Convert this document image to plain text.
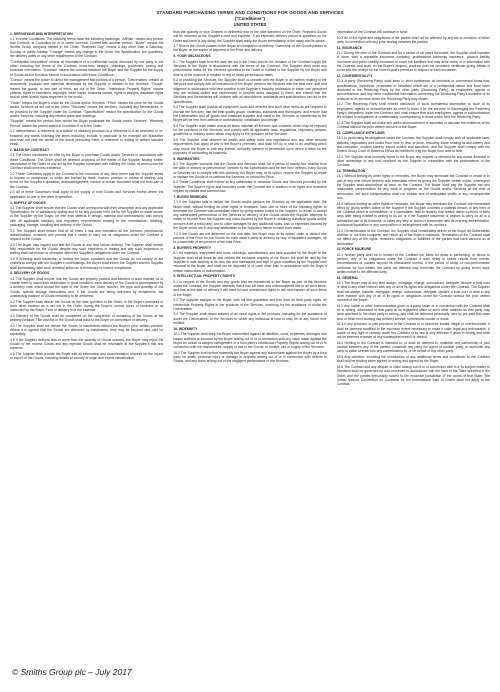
STANDARD PURCHASING TERMS AND CONDITIONS FOR GOODS AND SERVICES
("Conditions")
UNITED STATES

1. DEFINITIONS AND INTERPRETATION

1.1 In these Conditions: The following terms have the following meanings: "Affiliate" means any person that Controls, is Controlled by or is under common Control with another person. "Buyer" means the Smiths Group company named in the Order. "Business Day" means a day other than a Saturday, Sunday or public holiday. "Change" means any change to the Order, the Specification, the quantities, the delivery dates or any other requirement of the Contract.

"Confidential Information" means all information of a confidential nature disclosed by one party to the other, including the terms of the Contract, know-how, designs, drawings, processes, pricing and business information. "Contract" means the contract between the Buyer and the Supplier for the supply of Goods and/or Services formed in accordance with these Conditions.

"Control" means the power to direct the management and policies of a person. "Deliverables" means all documents, products and materials developed by the Supplier in relation to the Services. "Goods" means the goods, or any part of them, set out in the Order. "Intellectual Property Rights" means patents, rights to inventions, copyright, trade marks, business names, rights in designs, database rights and all other similar rights anywhere in the world.

"Order" means the Buyer's order for the Goods and/or Services. "Price" means the price for the Goods and/or Services as set out in the Order. "Services" means the services, including any Deliverables, to be provided by the Supplier under the Contract. "Specification" means the specification for the Goods and/or Services, including any related plans and drawings.

"Supplier" means the person from whom the Buyer purchases the Goods and/or Services. "Warranty Period" means the period stated in Condition 6 or in the Order.

1.2 Interpretation: a reference to a statute or statutory provision is a reference to it as amended or re-enacted; any words following the terms including, include, in particular or for example are illustrative and shall not limit the sense of the words preceding them; a reference to writing or written includes email.

2. BASIS OF CONTRACT

2.1 The Order constitutes an offer by the Buyer to purchase Goods and/or Services in accordance with these Conditions. The Order shall be deemed accepted on the earlier of the Supplier issuing written acceptance of the Order or any act by the Supplier consistent with fulfilling the Order, at which point the Contract shall come into existence.

2.2 These Conditions apply to the Contract to the exclusion of any other terms that the Supplier seeks to impose or incorporate, or which are implied by trade, custom, practice or course of dealing. Any terms on the Supplier's quotation, acknowledgement, invoice or similar document shall not form part of the Contract.

2.3 All of these Conditions shall apply to the supply of both Goods and Services except where the application to one or the other is specified.

3. SUPPLY OF GOODS

3.1 The Supplier shall ensure that the Goods shall correspond with their description and any applicable Specification; be of satisfactory quality and fit for any purpose held out by the Supplier or made known to the Supplier by the Buyer; be free from defects in design, material and workmanship; and comply with all applicable statutory and regulatory requirements relating to the manufacture, labelling, packaging, storage, handling and delivery of the Goods.

3.2 The Supplier shall ensure that at all times it has and maintains all the licences, permissions, authorisations, consents and permits that it needs to carry out its obligations under the Contract in respect of the Goods.

3.3 The Buyer may inspect and test the Goods at any time before delivery. The Supplier shall remain fully responsible for the Goods despite any such inspection or testing and any such inspection or testing shall not reduce or otherwise affect the Supplier's obligations under the Contract.

3.4 If following such inspection or testing the Buyer considers that the Goods do not comply or are unlikely to comply with the Supplier's undertakings, the Buyer shall inform the Supplier and the Supplier shall immediately take such remedial action as is necessary to ensure compliance.

4. DELIVERY OF GOODS

4.1 The Supplier shall ensure that the Goods are properly packed and secured in such manner as to enable them to reach their destination in good condition; each delivery of the Goods is accompanied by a delivery note which shows the date of the Order, the Order number, the type and quantity of the Goods, special storage instructions and, if the Goods are being delivered by instalments, the outstanding balance of Goods remaining to be delivered.

4.2 The Supplier shall deliver the Goods on the date specified in the Order, to the Buyer's premises or such other location as is set out in the Order, during the Buyer's normal hours of business or as instructed by the Buyer. Time of delivery is of the essence.

4.3 Delivery of the Goods shall be completed on the completion of unloading of the Goods at the delivery location. Title and risk in the Goods shall pass to the Buyer on completion of delivery.

4.4 The Supplier shall not deliver the Goods in instalments without the Buyer's prior written consent. Where it is agreed that the Goods are delivered by instalments, they may be invoiced and paid for separately.

4.5 If the Supplier delivers less or more than the quantity of Goods ordered, the Buyer may reject the Goods or the excess Goods and any rejected Goods shall be returnable at the Supplier's risk and expense.

4.6 The Supplier shall provide the Buyer with all information and documentation required for the import or export of the Goods, including details of country of origin and export classification.

than the quantity or type Ordered or delivered prior to the date specified on the Order. Rejected Goods will be returned at the Supplier's cost and expense. If an expected delivery period is specified on the Order and there is any delay, the Supplier shall notify the Buyer immediately of the delay and its cause.

4.7 Risk in the Goods passes to the Buyer on completion of delivery. Ownership of the Goods passes to the Buyer on the earlier of payment of the Price and delivery.

5. YOUR OBLIGATIONS

5.1 The Supplier shall from the date set out in the Order and for the duration of the Contract supply the Services to the Buyer in accordance with the terms of the Contract. The Supplier shall meet any performance dates for the Services specified in the Order or notified to the Supplier by the Buyer and time is of the essence in relation to any of those performance dates.

5.2 In providing the Services, the Supplier shall co-operate with the Buyer in all matters relating to the Services and comply with all instructions of the Buyer; perform the Services with the best care, skill and diligence in accordance with best practice in the Supplier's industry, profession or trade; use personnel who are suitably skilled and experienced to perform tasks assigned to them; and ensure that the Services and Deliverables will conform with all descriptions, standards and specifications set out in the Specification.

5.3 The Supplier shall provide all equipment, tools and vehicles and such other items as are required to provide the Services; use the best quality goods, materials, standards and techniques; and ensure that the Deliverables and all goods and materials supplied and used in the Services or transferred to the Buyer will be free from defects in workmanship, installation and design.

5.4 The Supplier shall obtain and at all times maintain all licences and consents which may be required for the provision of the Services, and comply with all applicable laws, regulations, regulatory policies, guidelines or industry codes which may apply to the provision of the Services.

5.5 The Supplier shall observe all health and safety rules and regulations and any other security requirements that apply at any of the Buyer's premises, and shall not do or omit to do anything which may cause the Buyer to lose any licence, authority, consent or permission upon which it relies for the purposes of conducting its business.

6. WARRANTIES

6.1 The Supplier warrants that the Goods and Services shall, for a period of twenty-four months from the date of delivery or performance, conform to the Specification and be free from defects. If any Goods or Services fail to comply with this warranty, the Buyer may, at its option, require the Supplier to repair or replace the Goods or re-perform the Services, or refund the Price.

6.2 These Conditions shall extend to any substituted or remedial Goods and Services provided by the Supplier. The Buyer's rights and remedies under the Contract are in addition to its rights and remedies implied by statute and common law.

7. BUYER REMEDIES

7.1 If the Supplier fails to deliver the Goods and/or perform the Services by the applicable date, the Buyer shall, without limiting its other rights or remedies, have one or more of the following rights: to terminate the Contract with immediate effect by giving written notice to the Supplier; to refuse to accept any subsequent performance of the Services or delivery of the Goods which the Supplier attempts to make; to recover from the Supplier any costs incurred by the Buyer in obtaining substitute goods and/or services from a third party; and to claim damages for any additional costs, loss or expenses incurred by the Buyer which are in any way attributable to the Supplier's failure to meet such dates.

7.2 If the Goods are not delivered on the due date, the Buyer may, at its option, claim or deduct one percent of the Price for the Goods for each week's delay in delivery by way of liquidated damages, up to a maximum of ten percent of the total Price.

8. BUYER'S PROPERTY

8.1 All materials, equipment and tools, drawings, specifications and data supplied by the Buyer to the Supplier shall at all times be and remain the exclusive property of the Buyer, but shall be held by the Supplier in safe custody at its own risk and maintained and kept in good condition by the Supplier until returned to the Buyer, and shall not be disposed of or used other than in accordance with the Buyer's written instructions or authorisation.

9. INTELLECTUAL PROPERTY RIGHTS

9.1 In respect of the Goods and any goods that are transferred to the Buyer as part of the Services under the Contract, the Supplier warrants that it has full clear and unencumbered title to all such items, and that at the date of delivery it will have full and unrestricted rights to sell and transfer all such items to the Buyer.

9.2 The Supplier assigns to the Buyer, with full title guarantee and free from all third party rights, all Intellectual Property Rights in the products of the Services, including for the avoidance of doubt the Deliverables.

9.3 The Supplier shall obtain waivers of all moral rights in the products, including for the avoidance of doubt the Deliverables, of the Services to which any individual is now or may be at any future time entitled.

10. INDEMNITY

10.1 The Supplier shall keep the Buyer indemnified against all liabilities, costs, expenses, damages and losses suffered or incurred by the Buyer arising out of or in connection with any claim made against the Buyer for actual or alleged infringement of a third party's Intellectual Property Rights arising out of or in connection with the manufacture, supply or use of the Goods, or receipt, use or supply of the Services.

10.2 The Supplier shall further indemnify the Buyer against any claim made against the Buyer by a third party for death, personal injury or damage to property arising out of or in connection with defects in Goods, and any claim arising out of the negligent performance of the Services.

Information of the Contract will continue in force.

10.3 All of the rights and obligations of the parties shall not be affected by any act or omission of either party in connection with any prior dealing between the parties.

11. INSURANCE

11.1 During the term of the Contract and for a period of six years thereafter, the Supplier shall maintain in force, with a reputable insurance company, professional indemnity insurance, product liability insurance and public liability insurance to cover the liabilities that may arise under or in connection with the Contract, and shall, on the Buyer's request, produce both the insurance certificate giving details of cover and the receipt for the current year's premium in respect of each insurance.

12. CONFIDENTIALITY

12.1 A party (Receiving Party) shall keep in strict confidence all technical or commercial know-how, specifications, inventions, processes or initiatives which are of a confidential nature and have been disclosed to the Receiving Party by the other party (Disclosing Party), its employees, agents or subcontractors, and any other confidential information concerning the Disclosing Party's business or its products or its services which the Receiving Party may obtain.

12.2 The Receiving Party shall restrict disclosure of such confidential information to such of its employees, agents or subcontractors as need to know it for the purpose of discharging the Receiving Party's obligations under the Contract, and shall ensure that such employees, agents or subcontractors are subject to obligations of confidentiality corresponding to those which bind the Receiving Party.

12.3 The Supplier shall not make any public announcement or advertise or disclose the existence of the Contract without the prior written consent of the Buyer.

13. COMPLIANCE WITH LAWS

13.1 In performing its obligations under the Contract, the Supplier shall comply with all applicable laws, statutes, regulations and codes from time to time in force, including those relating to anti-bribery and anti-corruption, modern slavery, export control and sanctions, and the Supplier shall comply with the Smiths Group Code of Business Ethics as notified to it by the Buyer from time to time.

13.2 The Supplier shall promptly report to the Buyer any request or demand for any undue financial or other advantage of any kind received by the Supplier in connection with the performance of the Contract.

14. TERMINATION

14.1 Without limiting its other rights or remedies, the Buyer may terminate the Contract in whole or in part at any time before delivery with immediate effect by giving the Supplier written notice, whereupon the Supplier shall discontinue all work on the Contract. The Buyer shall pay the Supplier fair and reasonable compensation for any work in progress on the Goods and/or Services at the time of termination, but such compensation shall not include loss of anticipated profits or any consequential loss.

14.2 Without limiting its other rights or remedies, the Buyer may terminate the Contract with immediate effect by giving written notice to the Supplier if the Supplier commits a material breach of any term of the Contract which is irremediable, or if remediable, fails to remedy that breach within a period of thirty days after being notified in writing to do so; or if the Supplier suspends or ceases to carry on all or a substantial part of its business, or takes any step or action in connection with its entering administration, provisional liquidation or any composition or arrangement with its creditors.

14.3 On termination of the Contract, the Supplier shall immediately deliver to the Buyer all Deliverables whether or not then complete, and return all of the Buyer's materials. Termination of the Contract shall not affect any of the rights, remedies, obligations or liabilities of the parties that have accrued as at termination.

15. FORCE MAJEURE

15.1 Neither party shall be in breach of the Contract nor liable for delay in performing, or failure to perform, any of its obligations under the Contract if such delay or failure results from events, circumstances or causes beyond its reasonable control. If the period of delay or non-performance continues for four weeks, the party not affected may terminate the Contract by giving seven days' written notice to the affected party.

16. GENERAL

16.1 The Buyer may at any time assign, mortgage, charge, subcontract, delegate, declare a trust over or deal in any other manner with any or all of its rights and obligations under the Contract. The Supplier shall not assign, transfer, mortgage, charge, subcontract, delegate, declare a trust over or deal in any other manner with any or all of its rights or obligations under the Contract without the prior written consent of the Buyer.

16.2 Any notice or other communication given to a party under or in connection with the Contract shall be in writing, addressed to that party at its registered office or such other address as that party may have specified to the other party in writing, and shall be delivered personally, sent by pre-paid first class post or other next working day delivery service, commercial courier or email.

16.3 If any provision or part-provision of the Contract is or becomes invalid, illegal or unenforceable, it shall be deemed modified to the minimum extent necessary to make it valid, legal and enforceable. A waiver of any right or remedy under the Contract or by law is only effective if given in writing and shall not be deemed a waiver of any subsequent breach or default.

16.4 Nothing in the Contract is intended to, or shall be deemed to, establish any partnership or joint venture between any of the parties, constitute any party the agent of another party, or authorise any party to make or enter into any commitments for or on behalf of any other party.

16.5 Any variation, including the introduction of any additional terms and conditions, to the Contract shall only be binding when agreed in writing and signed by the Buyer.

16.6 The Contract and any dispute or claim arising out of or in connection with it or its subject matter or formation shall be governed by and construed in accordance with the laws of the State specified in the Order, and the parties irrevocably submit to the exclusive jurisdiction of the courts of that State. The United Nations Convention on Contracts for the International Sale of Goods shall not apply to the Contract.

© Smiths Group plc – July 2017
